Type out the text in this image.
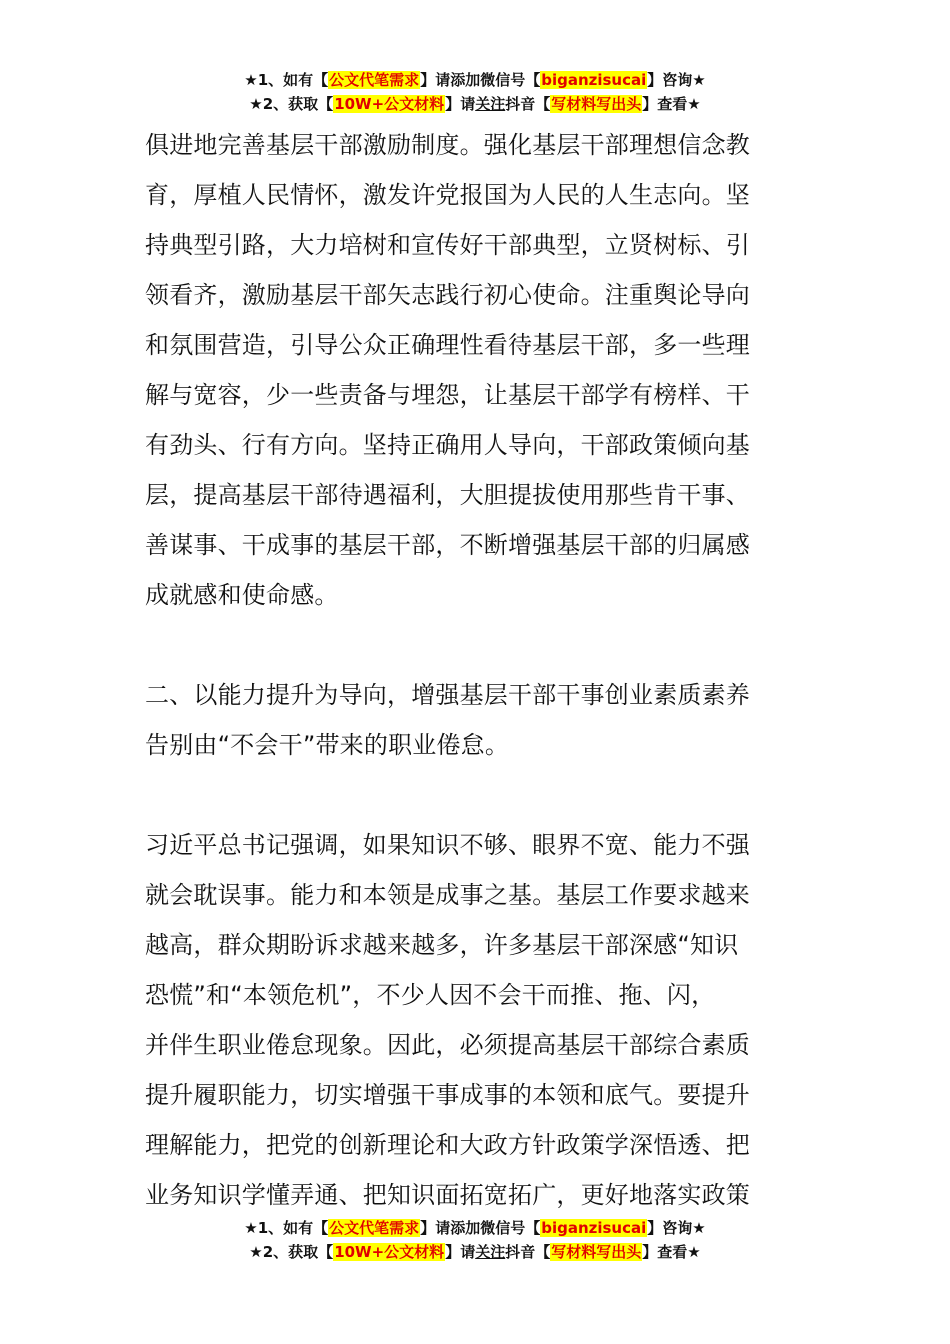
★1、如有【公文代笔需求】请添加微信号【biganzisucai】咨询★
★2、获取【10W+公文材料】请关注抖音【写材料写出头】查看★

俱进地完善基层干部激励制度。强化基层干部理想信念教

育，厚植人民情怀，激发许党报国为人民的人生志向。坚

持典型引路，大力培树和宣传好干部典型，立贤树标、引

领看齐，激励基层干部矢志践行初心使命。注重舆论导向

和氛围营造，引导公众正确理性看待基层干部，多一些理

解与宽容，少一些责备与埋怨，让基层干部学有榜样、干

有劲头、行有方向。坚持正确用人导向，干部政策倾向基

层，提高基层干部待遇福利，大胆提拔使用那些肯干事、

善谋事、干成事的基层干部，不断增强基层干部的归属感

成就感和使命感。

二、以能力提升为导向，增强基层干部干事创业素质素养

告别由“不会干”带来的职业倦怠。

习近平总书记强调，如果知识不够、眼界不宽、能力不强

就会耽误事。能力和本领是成事之基。基层工作要求越来

越高，群众期盼诉求越来越多，许多基层干部深感“知识

恐慌”和“本领危机”，不少人因不会干而推、拖、闪，

并伴生职业倦怠现象。因此，必须提高基层干部综合素质

提升履职能力，切实增强干事成事的本领和底气。要提升

理解能力，把党的创新理论和大政方针政策学深悟透、把

业务知识学懂弄通、把知识面拓宽拓广，更好地落实政策

★1、如有【公文代笔需求】请添加微信号【biganzisucai】咨询★
★2、获取【10W+公文材料】请关注抖音【写材料写出头】查看★
